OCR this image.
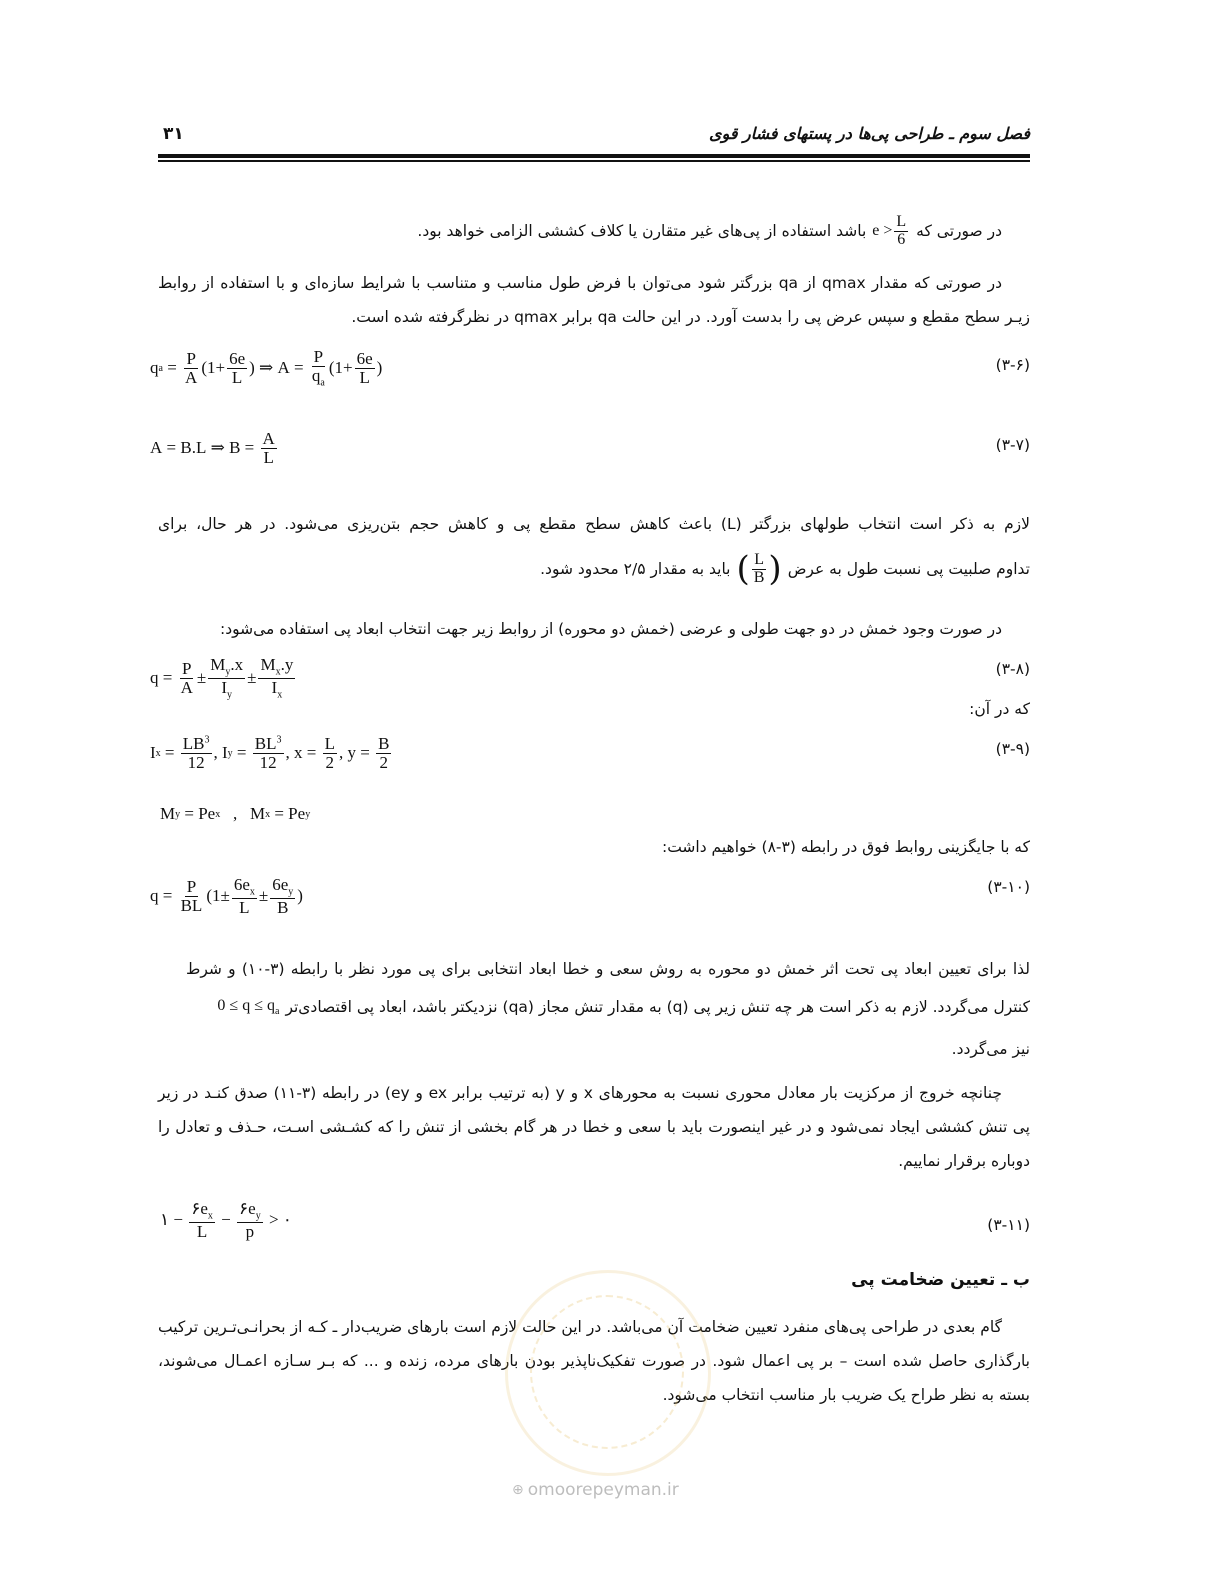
۳۱	فصل سوم ـ طراحی پی‌ها در پستهای فشار قوی
در صورتی که
$e > \frac{L}{6}$
باشد استفاده از پی‌های غیر متقارن یا کلاف کششی الزامی خواهد بود.
در صورتی که مقدار qmax از qa بزرگتر شود می‌توان با فرض طول مناسب و متناسب با شرایط سازه‌ای و با استفاده از روابط زیـر سطح مقطع و سپس عرض پی را بدست آورد. در این حالت qa برابر qmax در نظرگرفته شده است.
q $a = \frac{P}{A} (1+ \frac{6e}{L}$ ) ⇒ $A = \frac{P}{q_a} (1+ \frac{6e}{L}$ )	(۳-۶)
A = B.L ⇒ $B = \frac{A}{L}$	(۳-۷)
لازم به ذکر است انتخاب طولهای بزرگتر (L) باعث کاهش سطح مقطع پی و کاهش حجم بتن‌ریزی می‌شود. در هر حال، برای
تداوم صلبیت پی نسبت طول به عرض
( $\frac{L}{B}$ )
باید به مقدار ۲/۵ محدود شود.
در صورت وجود خمش در دو جهت طولی و عرضی (خمش دو محوره) از روابط زیر جهت انتخاب ابعاد پی استفاده می‌شود:
$q = \frac{P}{A} \pm \frac{M_y.x}{I_y} \pm \frac{M_x.y}{I_x}$	(۳-۸)
که در آن:
I $x = \frac{LB^3}{12}$ , I $y = \frac{BL^3}{12}$ , $x = \frac{L}{2}$ , $y = \frac{B}{2}$	(۳-۹)
M y = Pe x ,   M x = Pe y
که با جایگزینی روابط فوق در رابطه (۳-۸) خواهیم داشت:
$q = \frac{P}{BL} (1\pm \frac{6e_x}{L} \pm \frac{6e_y}{B}$ )	(۳-۱۰)
لذا برای تعیین ابعاد پی تحت اثر خمش دو محوره به روش سعی و خطا ابعاد انتخابی برای پی مورد نظر با رابطه (۳-۱۰) و شرط
$0 \le q \le q_a$ کنترل می‌گردد. لازم به ذکر است هر چه تنش زیر پی (q) به مقدار تنش مجاز (qa) نزدیکتر باشد، ابعاد پی اقتصادی‌تر
نیز می‌گردد.
چنانچه خروج از مرکزیت بار معادل محوری نسبت به محورهای x و y (به ترتیب برابر ex و ey) در رابطه (۳-۱۱) صدق کنـد در زیر پی تنش کششی ایجاد نمی‌شود و در غیر اینصورت باید با سعی و خطا در هر گام بخشی از تنش را که کشـشی اسـت، حـذف و تعادل را دوباره برقرار نماییم.
۱ − $\frac{۶e_x}{L} - \frac{۶e_y}{p}$ > ۰	(۳-۱۱)
ب ـ تعیین ضخامت پی
گام بعدی در طراحی پی‌های منفرد تعیین ضخامت آن می‌باشد. در این حالت لازم است بارهای ضریب‌دار ـ کـه از بحرانـی‌تـرین ترکیب بارگذاری حاصل شده است – بر پی اعمال شود. در صورت تفکیک‌ناپذیر بودن بارهای مرده، زنده و ... که بـر سـازه اعمـال می‌شوند، بسته به نظر طراح یک ضریب بار مناسب انتخاب می‌شود.
⊕ omoorepeyman.ir
